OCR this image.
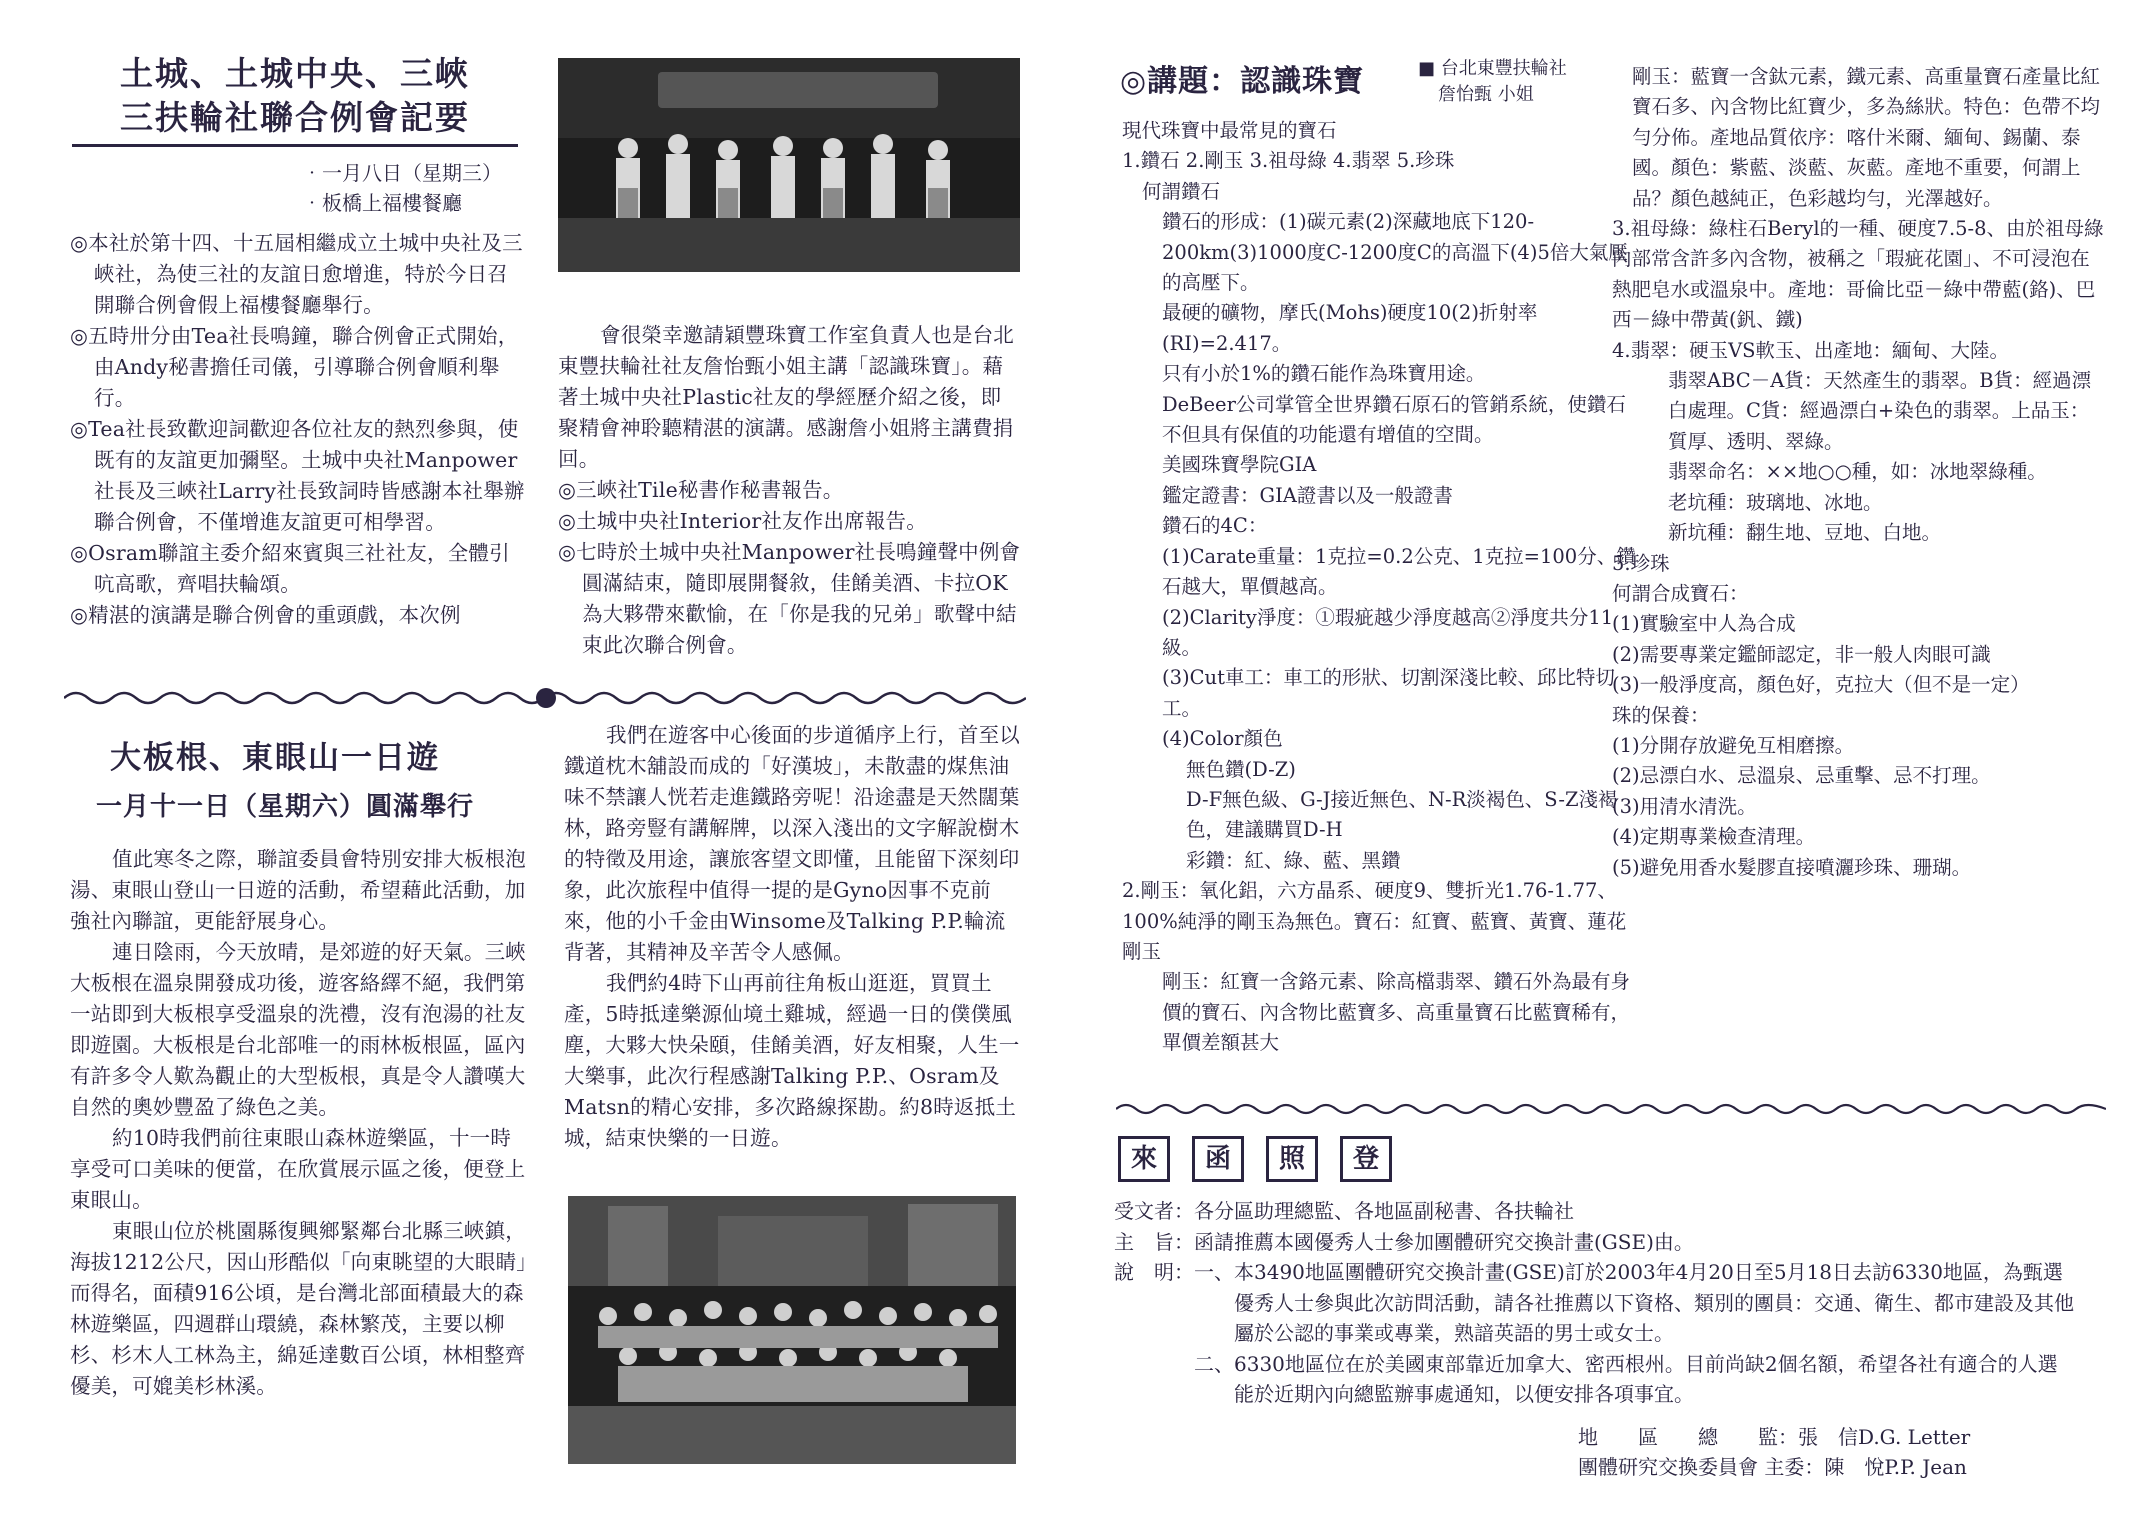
土城、土城中央、三峽
三扶輪社聯合例會記要
‧一月八日（星期三）
‧板橋上福樓餐廳

◎本社於第十四、十五屆相繼成立土城中央社及三峽社，為使三社的友誼日愈增進，特於今日召開聯合例會假上福樓餐廳舉行。

◎五時卅分由Tea社長鳴鐘，聯合例會正式開始，由Andy秘書擔任司儀，引導聯合例會順利舉行。

◎Tea社長致歡迎詞歡迎各位社友的熱烈參與，使既有的友誼更加彌堅。土城中央社Manpower社長及三峽社Larry社長致詞時皆感謝本社舉辦聯合例會，不僅增進友誼更可相學習。

◎Osram聯誼主委介紹來賓與三社社友，全體引吭高歌，齊唱扶輪頌。

◎精湛的演講是聯合例會的重頭戲，本次例

會很榮幸邀請穎豐珠寶工作室負責人也是台北東豐扶輪社社友詹怡甄小姐主講「認識珠寶」。藉著土城中央社Plastic社友的學經歷介紹之後，即聚精會神聆聽精湛的演講。感謝詹小姐將主講費捐回。

◎三峽社Tile秘書作秘書報告。

◎土城中央社Interior社友作出席報告。

◎七時於土城中央社Manpower社長鳴鐘聲中例會圓滿結束，隨即展開餐敘，佳餚美酒、卡拉OK為大夥帶來歡愉，在「你是我的兄弟」歌聲中結束此次聯合例會。

大板根、東眼山一日遊
一月十一日（星期六）圓滿舉行

值此寒冬之際，聯誼委員會特別安排大板根泡湯、東眼山登山一日遊的活動，希望藉此活動，加強社內聯誼，更能舒展身心。

連日陰雨，今天放晴，是郊遊的好天氣。三峽大板根在溫泉開發成功後，遊客絡繹不絕，我們第一站即到大板根享受溫泉的洗禮，沒有泡湯的社友即遊園。大板根是台北部唯一的雨林板根區，區內有許多令人歎為觀止的大型板根，真是令人讚嘆大自然的奧妙豐盈了綠色之美。

約10時我們前往東眼山森林遊樂區，十一時享受可口美味的便當，在欣賞展示區之後，便登上東眼山。

東眼山位於桃園縣復興鄉緊鄰台北縣三峽鎮，海拔1212公尺，因山形酷似「向東眺望的大眼睛」而得名，面積916公頃，是台灣北部面積最大的森林遊樂區，四週群山環繞，森林繁茂，主要以柳杉、杉木人工林為主，綿延達數百公頃，林相整齊優美，可媲美杉林溪。

我們在遊客中心後面的步道循序上行，首至以鐵道枕木舖設而成的「好漢坡」，未散盡的煤焦油味不禁讓人恍若走進鐵路旁呢！沿途盡是天然闊葉林，路旁豎有講解牌，以深入淺出的文字解說樹木的特徵及用途，讓旅客望文即懂，且能留下深刻印象，此次旅程中值得一提的是Gyno因事不克前來，他的小千金由Winsome及Talking P.P.輪流背著，其精神及辛苦令人感佩。

我們約4時下山再前往角板山逛逛，買買土產，5時抵達樂源仙境土雞城，經過一日的僕僕風塵，大夥大快朵頤，佳餚美酒，好友相聚，人生一大樂事，此次行程感謝Talking P.P.、Osram及Matsn的精心安排，多次路線探勘。約8時返抵土城，結束快樂的一日遊。

◎講題：認識珠寶	■ 台北東豐扶輪社
詹怡甄 小姐

現代珠寶中最常見的寶石

1.鑽石 2.剛玉 3.祖母綠 4.翡翠 5.珍珠

何謂鑽石

鑽石的形成：(1)碳元素(2)深藏地底下120-200km(3)1000度C-1200度C的高溫下(4)5倍大氣壓的高壓下。

最硬的礦物，摩氏(Mohs)硬度10(2)折射率(RI)=2.417。

只有小於1%的鑽石能作為珠寶用途。

DeBeer公司掌管全世界鑽石原石的管銷系統，使鑽石不但具有保值的功能還有增值的空間。

美國珠寶學院GIA

鑑定證書：GIA證書以及一般證書

鑽石的4C：

(1)Carate重量：1克拉=0.2公克、1克拉=100分、鑽石越大，單價越高。

(2)Clarity淨度：①瑕疵越少淨度越高②淨度共分11級。

(3)Cut車工：車工的形狀、切割深淺比較、邱比特切工。

(4)Color顏色

無色鑽(D-Z)

D-F無色級、G-J接近無色、N-R淡褐色、S-Z淺褐色，建議購買D-H

彩鑽：紅、綠、藍、黑鑽

2.剛玉：氧化鋁，六方晶系、硬度9、雙折光1.76-1.77、100%純淨的剛玉為無色。寶石：紅寶、藍寶、黃寶、蓮花剛玉

剛玉：紅寶一含鉻元素、除高檔翡翠、鑽石外為最有身價的寶石、內含物比藍寶多、高重量寶石比藍寶稀有，單價差額甚大

剛玉：藍寶一含鈦元素，鐵元素、高重量寶石產量比紅寶石多、內含物比紅寶少，多為絲狀。特色：色帶不均勻分佈。產地品質依序：喀什米爾、緬甸、錫蘭、泰國。顏色：紫藍、淡藍、灰藍。產地不重要，何謂上品？顏色越純正，色彩越均勻，光澤越好。

3.祖母綠：綠柱石Beryl的一種、硬度7.5-8、由於祖母綠內部常含許多內含物，被稱之「瑕疵花園」、不可浸泡在熱肥皂水或溫泉中。產地：哥倫比亞－綠中帶藍(鉻)、巴西－綠中帶黃(釩、鐵)

4.翡翠：硬玉VS軟玉、出產地：緬甸、大陸。

翡翠ABC－A貨：天然產生的翡翠。B貨：經過漂白處理。C貨：經過漂白+染色的翡翠。上品玉：質厚、透明、翠綠。

翡翠命名：××地○○種，如：冰地翠綠種。

老坑種：玻璃地、冰地。

新坑種：翻生地、豆地、白地。

5.珍珠

何謂合成寶石：

(1)實驗室中人為合成

(2)需要專業定鑑師認定，非一般人肉眼可識

(3)一般淨度高，顏色好，克拉大（但不是一定）

珠的保養：

(1)分開存放避免互相磨擦。

(2)忌漂白水、忌溫泉、忌重擊、忌不打理。

(3)用清水清洗。

(4)定期專業檢查清理。

(5)避免用香水髮膠直接噴灑珍珠、珊瑚。

來	函	照	登

受文者：各分區助理總監、各地區副秘書、各扶輪社

主　旨：函請推薦本國優秀人士參加團體研究交換計畫(GSE)由。

說　明： 一、本3490地區團體研究交換計畫(GSE)訂於2003年4月20日至5月18日去訪6330地區，為甄選優秀人士參與此次訪問活動，請各社推薦以下資格、類別的團員：交通、衛生、都市建設及其他屬於公認的事業或專業，熟諳英語的男士或女士。

二、6330地區位在於美國東部靠近加拿大、密西根州。目前尚缺2個名額，希望各社有適合的人選能於近期內向總監辦事處通知，以便安排各項事宜。

地　　區　　總　　監：張　信D.G. Letter
團體研究交換委員會 主委：陳　悅P.P. Jean
